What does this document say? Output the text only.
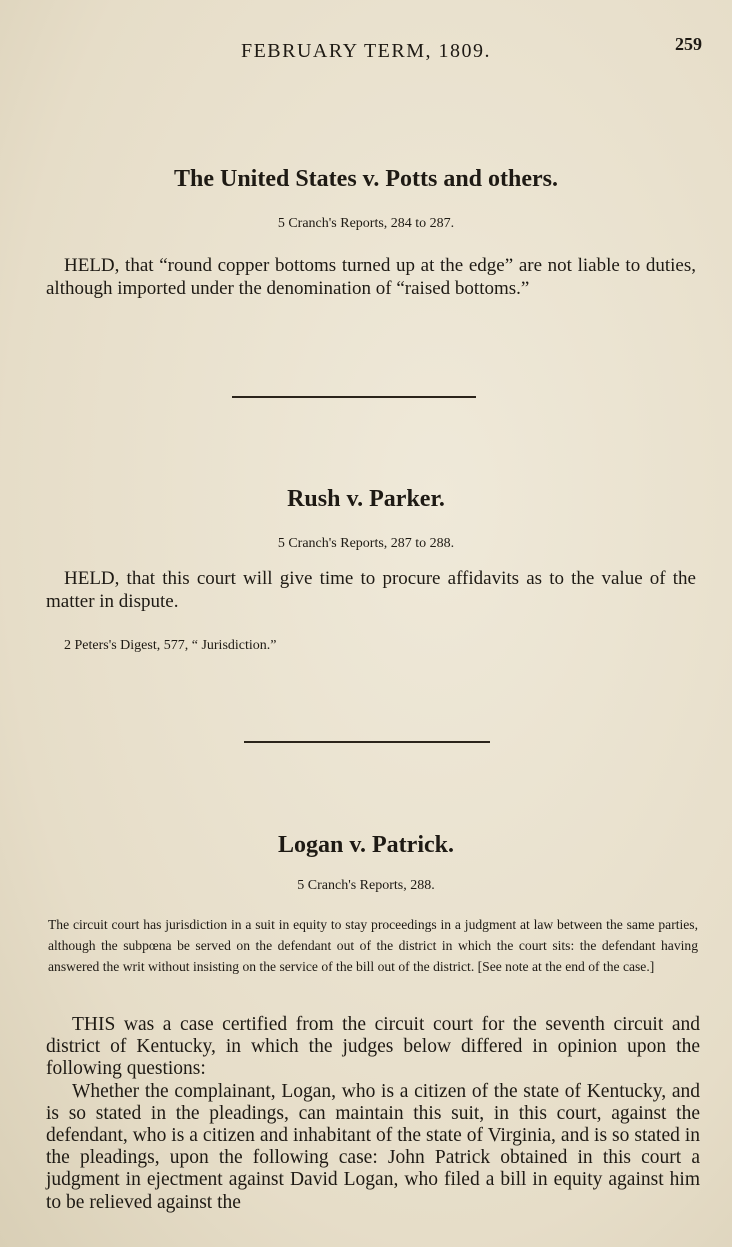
FEBRUARY TERM, 1809.	259
The United States v. Potts and others.
5 Cranch's Reports, 284 to 287.
HELD, that “round copper bottoms turned up at the edge” are not liable to duties, although imported under the denomination of “raised bottoms.”
Rush v. Parker.
5 Cranch's Reports, 287 to 288.
HELD, that this court will give time to procure affidavits as to the value of the matter in dispute.
2 Peters's Digest, 577, “ Jurisdiction.”
Logan v. Patrick.
5 Cranch's Reports, 288.
The circuit court has jurisdiction in a suit in equity to stay proceedings in a judgment at law between the same parties, although the subpœna be served on the defendant out of the district in which the court sits: the defendant having answered the writ without insisting on the service of the bill out of the district. [See note at the end of the case.]

THIS was a case certified from the circuit court for the seventh circuit and district of Kentucky, in which the judges below differed in opinion upon the following questions:

Whether the complainant, Logan, who is a citizen of the state of Kentucky, and is so stated in the pleadings, can maintain this suit, in this court, against the defendant, who is a citizen and inhabitant of the state of Virginia, and is so stated in the pleadings, upon the following case: John Patrick obtained in this court a judgment in ejectment against David Logan, who filed a bill in equity against him to be relieved against the
